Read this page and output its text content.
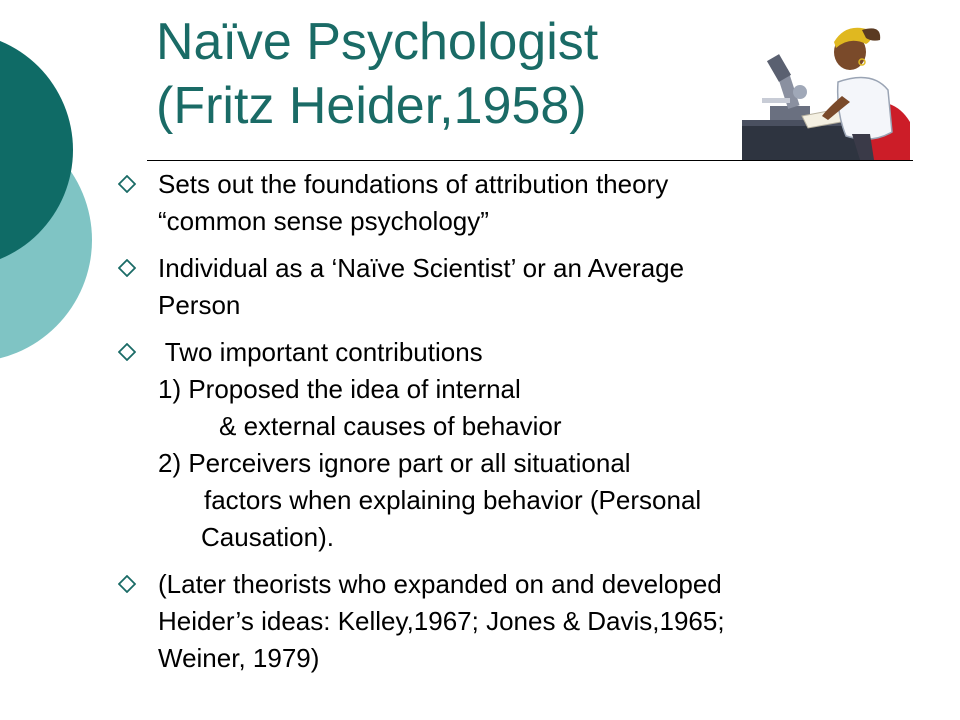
Naïve Psychologist
(Fritz Heider,1958)
Sets out the foundations of attribution theory
“common sense psychology”
Individual as a ‘Naïve Scientist’ or an Average
Person
Two important contributions
1) Proposed the idea of internal
& external causes of behavior
2) Perceivers ignore part or all situational
factors when explaining behavior (Personal
Causation).
(Later theorists who expanded on and developed
Heider’s ideas: Kelley,1967; Jones & Davis,1965;
Weiner, 1979)
